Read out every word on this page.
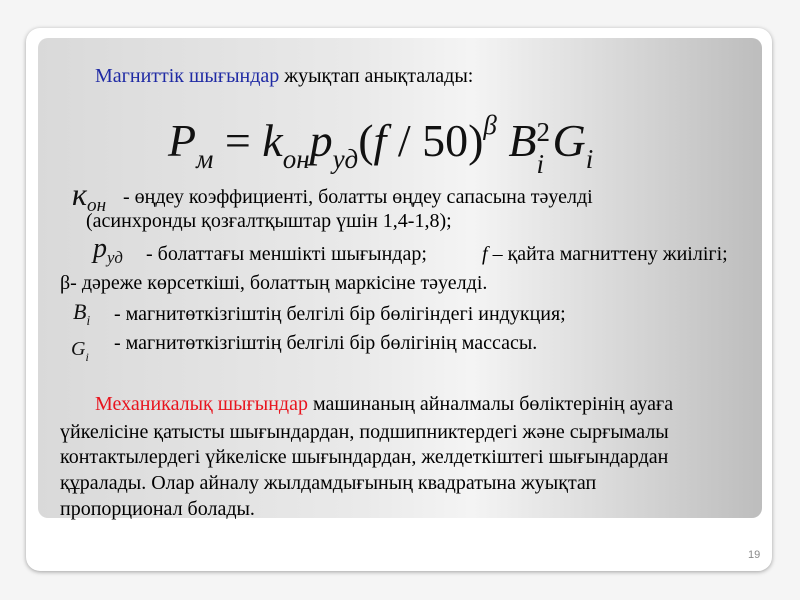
Магниттік шығындар жуықтап анықталады:
$P_м = k_{он}p_{уд}(f / 50)^\beta$ B 2
i $G_i$
кон - өңдеу коэффициенті, болатты өңдеу сапасына тәуелді
(асинхронды қозғалтқыштар үшін 1,4-1,8);
$p_{уд}$ - болаттағы меншікті шығындар;	f – қайта магниттену жиілігі;
β- дәреже көрсеткіші, болаттың маркісіне тәуелді.
$B_i$ - магнитөткізгіштің белгілі бір бөлігіндегі индукция;
$G_i$
- магнитөткізгіштің белгілі бір бөлігінің массасы.
Механикалық шығындар машинаның айналмалы бөліктерінің ауаға
үйкелісіне қатысты шығындардан, подшипниктердегі және сырғымалы
контактылердегі үйкеліске шығындардан, желдеткіштегі шығындардан
құралады. Олар айналу жылдамдығының квадратына жуықтап
пропорционал болады.
19
